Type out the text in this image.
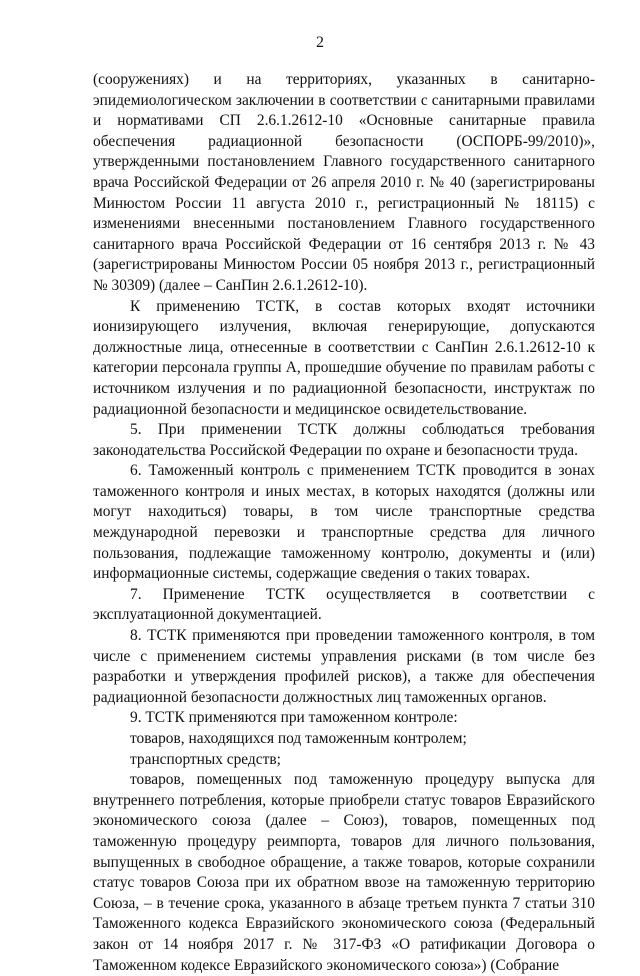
2

(сооружениях) и на территориях, указанных в санитарно-эпидемиологическом заключении в соответствии с санитарными правилами и нормативами СП 2.6.1.2612-10 «Основные санитарные правила обеспечения радиационной безопасности (ОСПОРБ-99/2010)», утвержденными постановлением Главного государственного санитарного врача Российской Федерации от 26 апреля 2010 г. № 40 (зарегистрированы Минюстом России 11 августа 2010 г., регистрационный № 18115) с изменениями внесенными постановлением Главного государственного санитарного врача Российской Федерации от 16 сентября 2013 г. № 43 (зарегистрированы Минюстом России 05 ноября 2013 г., регистрационный № 30309) (далее – СанПин 2.6.1.2612-10).

К применению ТСТК, в состав которых входят источники ионизирующего излучения, включая генерирующие, допускаются должностные лица, отнесенные в соответствии с СанПин 2.6.1.2612-10 к категории персонала группы А, прошедшие обучение по правилам работы с источником излучения и по радиационной безопасности, инструктаж по радиационной безопасности и медицинское освидетельствование.

5. При применении ТСТК должны соблюдаться требования законодательства Российской Федерации по охране и безопасности труда.

6. Таможенный контроль с применением ТСТК проводится в зонах таможенного контроля и иных местах, в которых находятся (должны или могут находиться) товары, в том числе транспортные средства международной перевозки и транспортные средства для личного пользования, подлежащие таможенному контролю, документы и (или) информационные системы, содержащие сведения о таких товарах.

7. Применение ТСТК осуществляется в соответствии с эксплуатационной документацией.

8. ТСТК применяются при проведении таможенного контроля, в том числе с применением системы управления рисками (в том числе без разработки и утверждения профилей рисков), а также для обеспечения радиационной безопасности должностных лиц таможенных органов.

9. ТСТК применяются при таможенном контроле:

товаров, находящихся под таможенным контролем;

транспортных средств;

товаров, помещенных под таможенную процедуру выпуска для внутреннего потребления, которые приобрели статус товаров Евразийского экономического союза (далее – Союз), товаров, помещенных под таможенную процедуру реимпорта, товаров для личного пользования, выпущенных в свободное обращение, а также товаров, которые сохранили статус товаров Союза при их обратном ввозе на таможенную территорию Союза, – в течение срока, указанного в абзаце третьем пункта 7 статьи 310 Таможенного кодекса Евразийского экономического союза (Федеральный закон от 14 ноября 2017 г. № 317-ФЗ «О ратификации Договора о Таможенном кодексе Евразийского экономического союза») (Собрание
